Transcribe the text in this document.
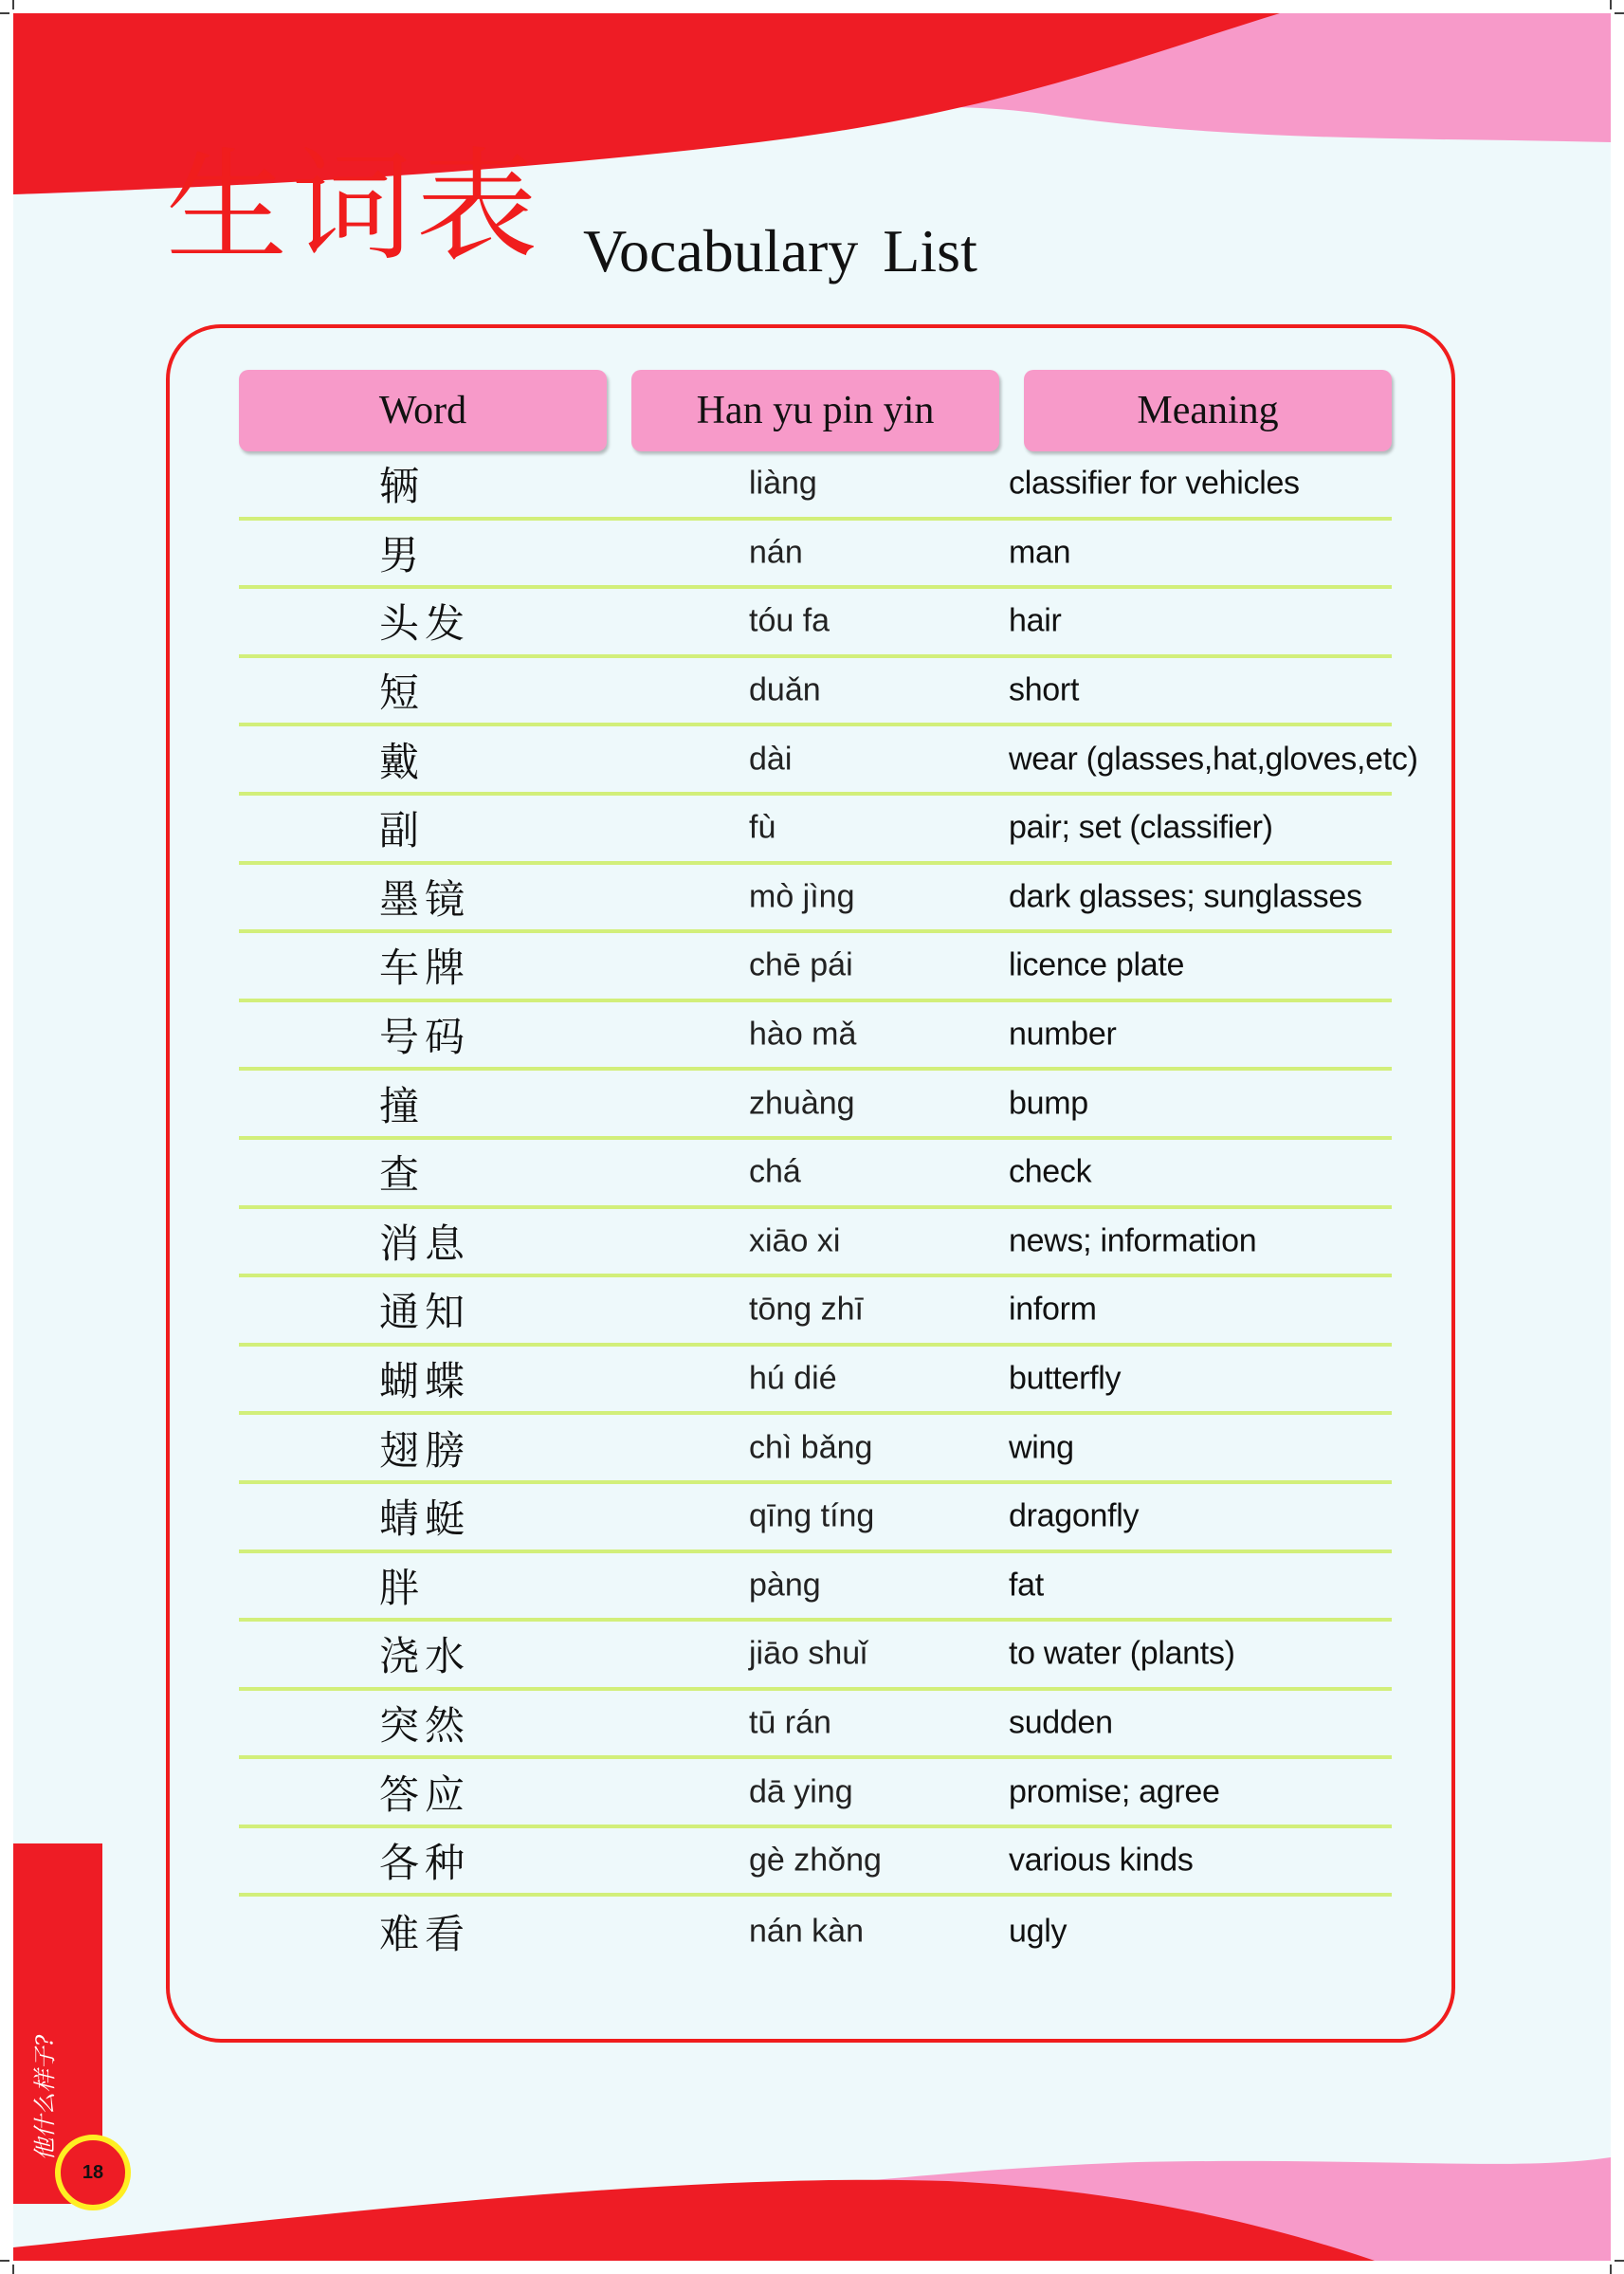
生词表 Vocabulary List
Word	Han yu pin yin	Meaning
辆	liàng	classifier for vehicles
男	nán	man
头发	tóu fa	hair
短	duǎn	short
戴	dài	wear (glasses,hat,gloves,etc)
副	fù	pair; set (classifier)
墨镜	mò jìng	dark glasses; sunglasses
车牌	chē pái	licence plate
号码	hào mǎ	number
撞	zhuàng	bump
查	chá	check
消息	xiāo xi	news; information
通知	tōng zhī	inform
蝴蝶	hú dié	butterfly
翅膀	chì bǎng	wing
蜻蜓	qīng tíng	dragonfly
胖	pàng	fat
浇水	jiāo shuǐ	to water (plants)
突然	tū rán	sudden
答应	dā ying	promise; agree
各种	gè zhǒng	various kinds
难看	nán kàn	ugly
他什么样子?
18
